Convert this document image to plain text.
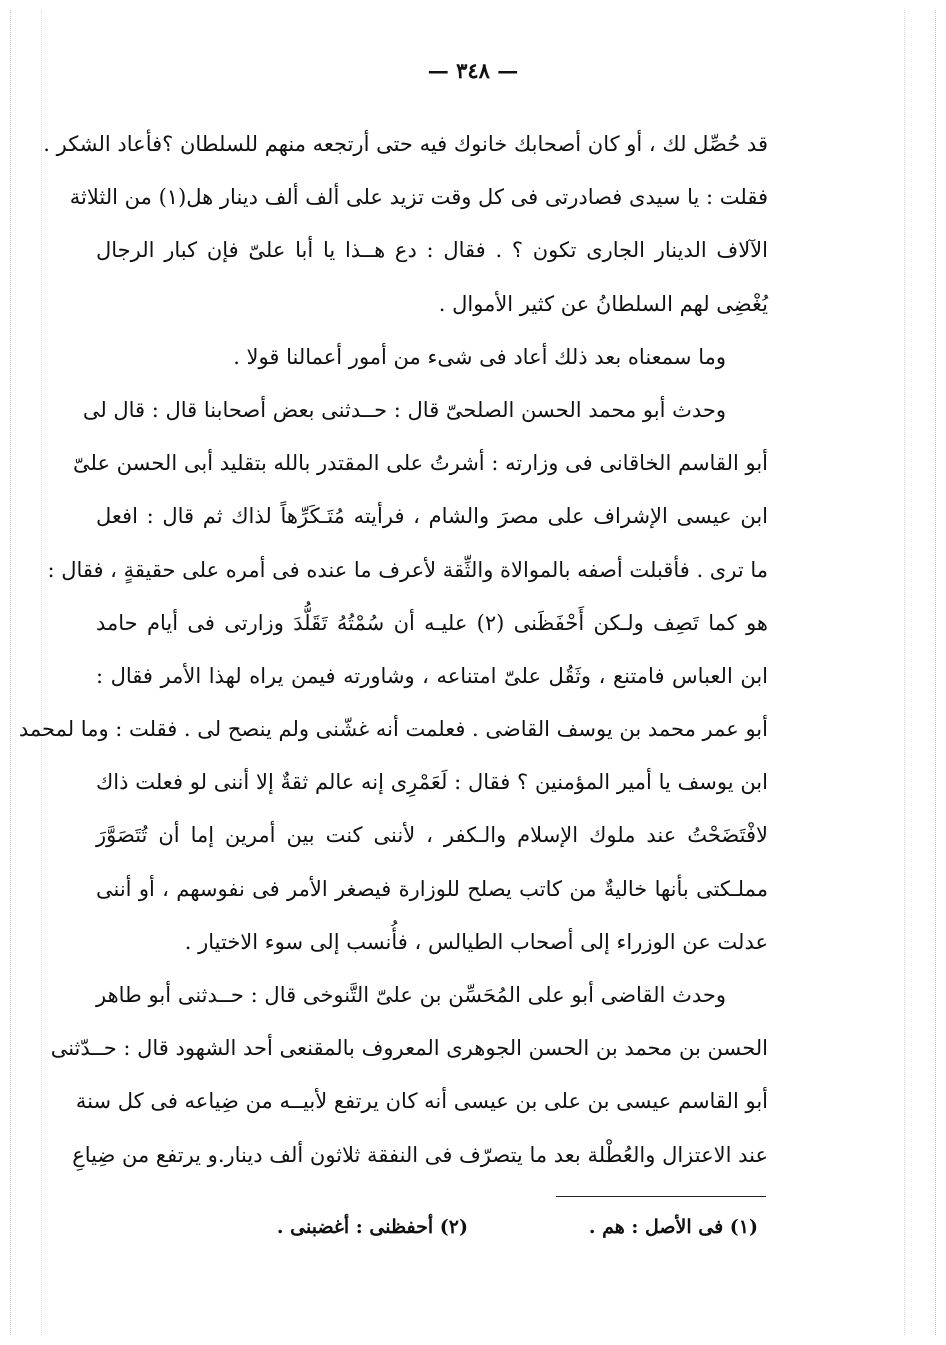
— ٣٤٨ —
قد حُصِّل لك ، أو كان أصحابك خانوك فيه حتى أرتجعه منهم للسلطان ؟فأعاد الشكر .
فقلت : يا سيدى فصادرتى فى كل وقت تزيد على ألف ألف دينار هل(١) من الثلاثة
الآلاف الدينار الجارى تكون ؟ . فقال : دع هــذا يا أبا علىّ فإن كبار الرجال
يُغْضِى لهم السلطانُ عن كثير الأموال .
وما سمعناه بعد ذلك أعاد فى شىء من أمور أعمالنا قولا .
وحدث أبو محمد الحسن الصلحىّ قال : حــدثنى بعض أصحابنا قال : قال لى
أبو القاسم الخاقانى فى وزارته : أشرتُ على المقتدر بالله بتقليد أبى الحسن علىّ
ابن عيسى الإشراف على مصرَ والشام ، فرأيته مُتَـكَرِّهاً لذاك ثم قال : افعل
ما ترى . فأقبلت أصفه بالموالاة والثِّقة لأعرف ما عنده فى أمره على حقيقةٍ ، فقال :
هو كما تَصِف ولـكن أَحْفَظَنى (٢) عليـه أن سُمْتُهُ تَقَلُّدَ وزارتى فى أيام حامد
ابن العباس فامتنع ، وثَقُل علىّ امتناعه ، وشاورته فيمن يراه لهذا الأمر فقال :
أبو عمر محمد بن يوسف القاضى . فعلمت أنه غشّنى ولم ينصح لى . فقلت : وما لمحمد
ابن يوسف يا أمير المؤمنين ؟ فقال : لَعَمْرِى إنه عالم ثقةٌ إلا أننى لو فعلت ذاك
لافْتَضَحْتُ عند ملوك الإسلام والـكفر ، لأننى كنت بين أمرين إما أن تُتَصَوَّرَ
مملـكتى بأنها خاليةٌ من كاتب يصلح للوزارة فيصغر الأمر فى نفوسهم ، أو أننى
عدلت عن الوزراء إلى أصحاب الطيالس ، فأُنسب إلى سوء الاختيار .
وحدث القاضى أبو على المُحَسِّن بن علىّ التَّنوخى قال : حــدثنى أبو طاهر
الحسن بن محمد بن الحسن الجوهرى المعروف بالمقنعى أحد الشهود قال : حــدّثنى
أبو القاسم عيسى بن على بن عيسى أنه كان يرتفع لأبيــه من ضِياعه فى كل سنة
عند الاعتزال والعُطْلة بعد ما يتصرّف فى النفقة ثلاثون ألف دينار.و يرتفع من ضِياعِ
(١) فى الأصل : هم .
(٢) أحفظنى : أغضبنى .
